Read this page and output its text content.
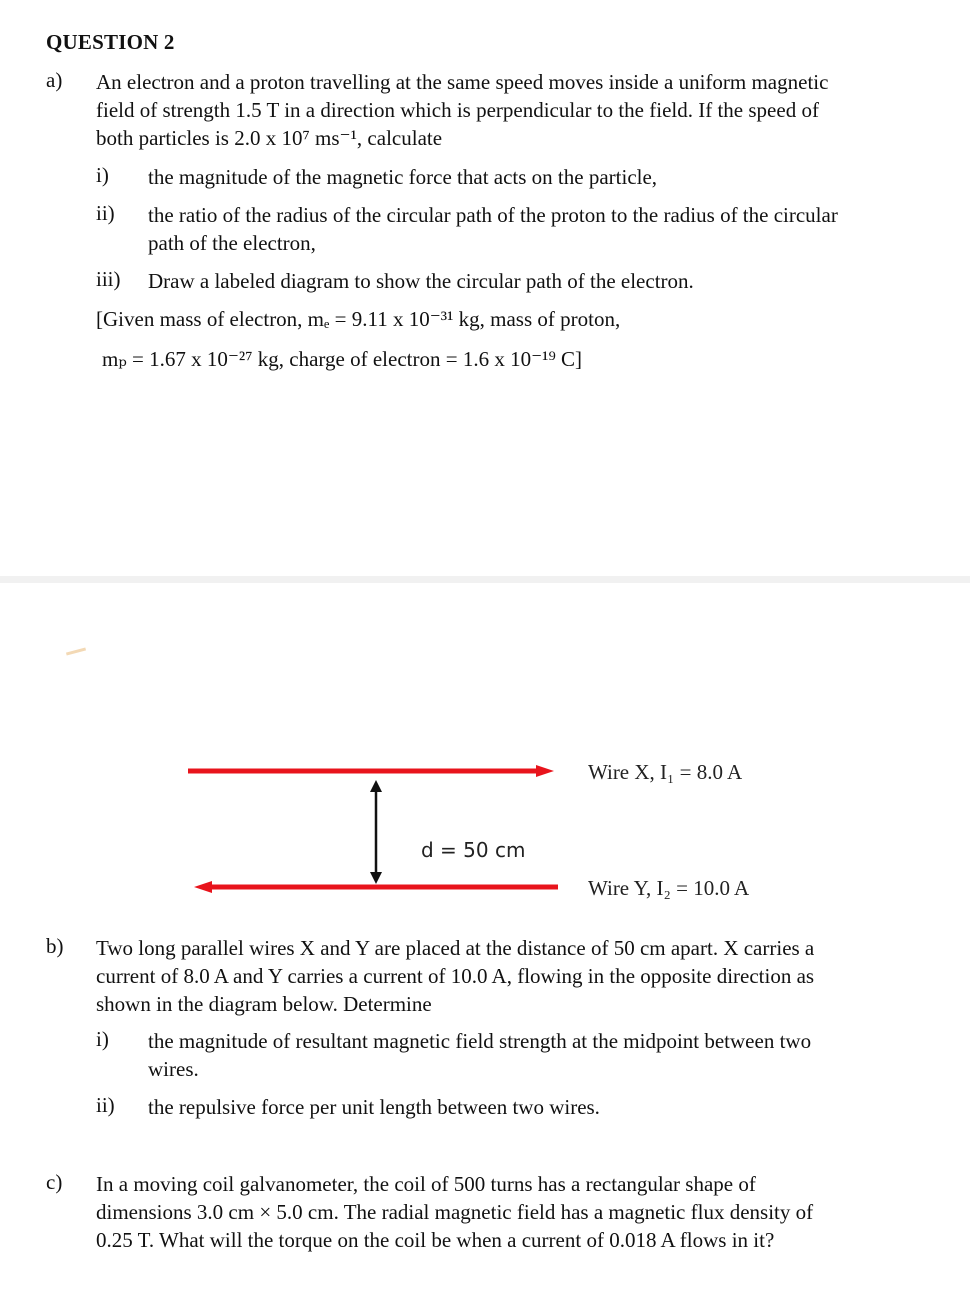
QUESTION 2
a) An electron and a proton travelling at the same speed moves inside a uniform magnetic
field of strength 1.5 T in a direction which is perpendicular to the field. If the speed of
both particles is 2.0 x 10⁷ ms⁻¹, calculate
i) the magnitude of the magnetic force that acts on the particle,
ii) the ratio of the radius of the circular path of the proton to the radius of the circular
path of the electron,
iii) Draw a labeled diagram to show the circular path of the electron.
[Given mass of electron, mₑ = 9.11 x 10⁻³¹ kg, mass of proton,
mₚ = 1.67 x 10⁻²⁷ kg, charge of electron = 1.6 x 10⁻¹⁹ C]
Wire X, I₁ = 8.0 A
d = 50 cm
Wire Y, I₂ = 10.0 A
b) Two long parallel wires X and Y are placed at the distance of 50 cm apart. X carries a
current of 8.0 A and Y carries a current of 10.0 A, flowing in the opposite direction as
shown in the diagram below. Determine
i) the magnitude of resultant magnetic field strength at the midpoint between two
wires.
ii) the repulsive force per unit length between two wires.
c) In a moving coil galvanometer, the coil of 500 turns has a rectangular shape of
dimensions 3.0 cm × 5.0 cm. The radial magnetic field has a magnetic flux density of
0.25 T. What will the torque on the coil be when a current of 0.018 A flows in it?
